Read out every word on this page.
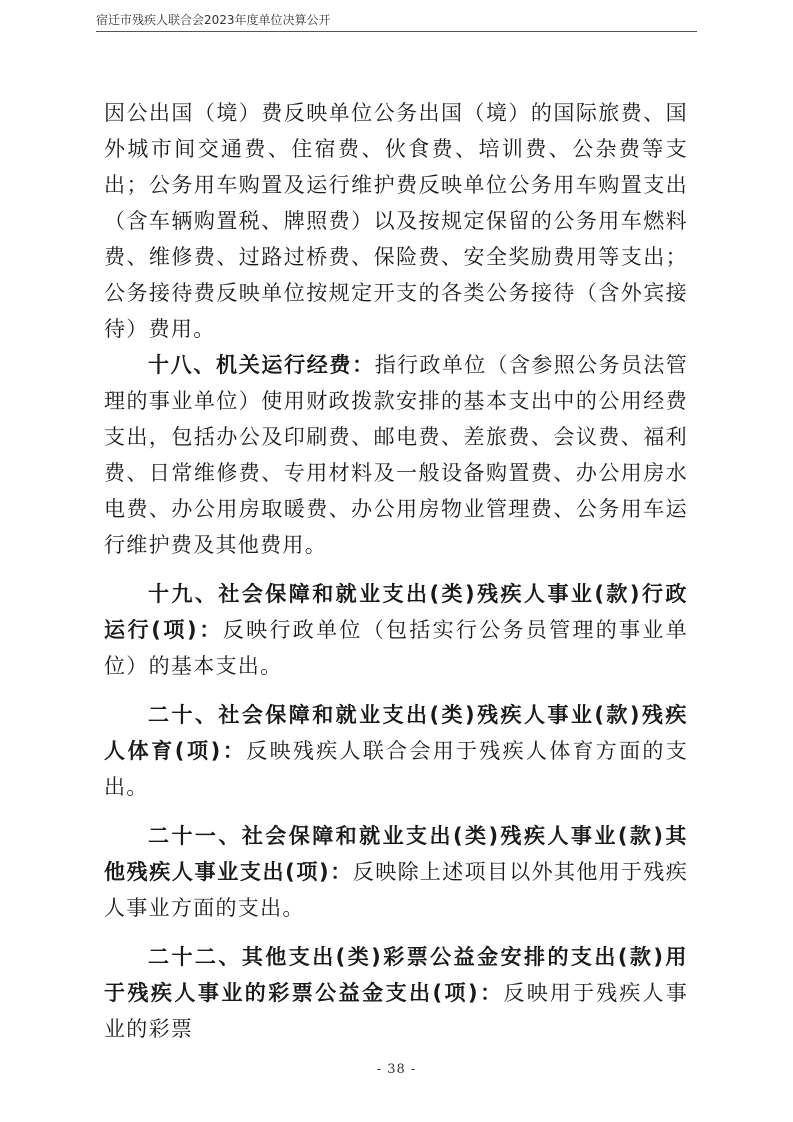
宿迁市残疾人联合会2023年度单位决算公开

因公出国（境）费反映单位公务出国（境）的国际旅费、国外城市间交通费、住宿费、伙食费、培训费、公杂费等支出；公务用车购置及运行维护费反映单位公务用车购置支出（含车辆购置税、牌照费）以及按规定保留的公务用车燃料费、维修费、过路过桥费、保险费、安全奖励费用等支出；公务接待费反映单位按规定开支的各类公务接待（含外宾接待）费用。

十八、机关运行经费：指行政单位（含参照公务员法管理的事业单位）使用财政拨款安排的基本支出中的公用经费支出，包括办公及印刷费、邮电费、差旅费、会议费、福利费、日常维修费、专用材料及一般设备购置费、办公用房水电费、办公用房取暖费、办公用房物业管理费、公务用车运行维护费及其他费用。

十九、社会保障和就业支出(类)残疾人事业(款)行政运行(项)：反映行政单位（包括实行公务员管理的事业单位）的基本支出。

二十、社会保障和就业支出(类)残疾人事业(款)残疾人体育(项)：反映残疾人联合会用于残疾人体育方面的支出。

二十一、社会保障和就业支出(类)残疾人事业(款)其他残疾人事业支出(项)：反映除上述项目以外其他用于残疾人事业方面的支出。

二十二、其他支出(类)彩票公益金安排的支出(款)用于残疾人事业的彩票公益金支出(项)：反映用于残疾人事业的彩票

- 38 -
